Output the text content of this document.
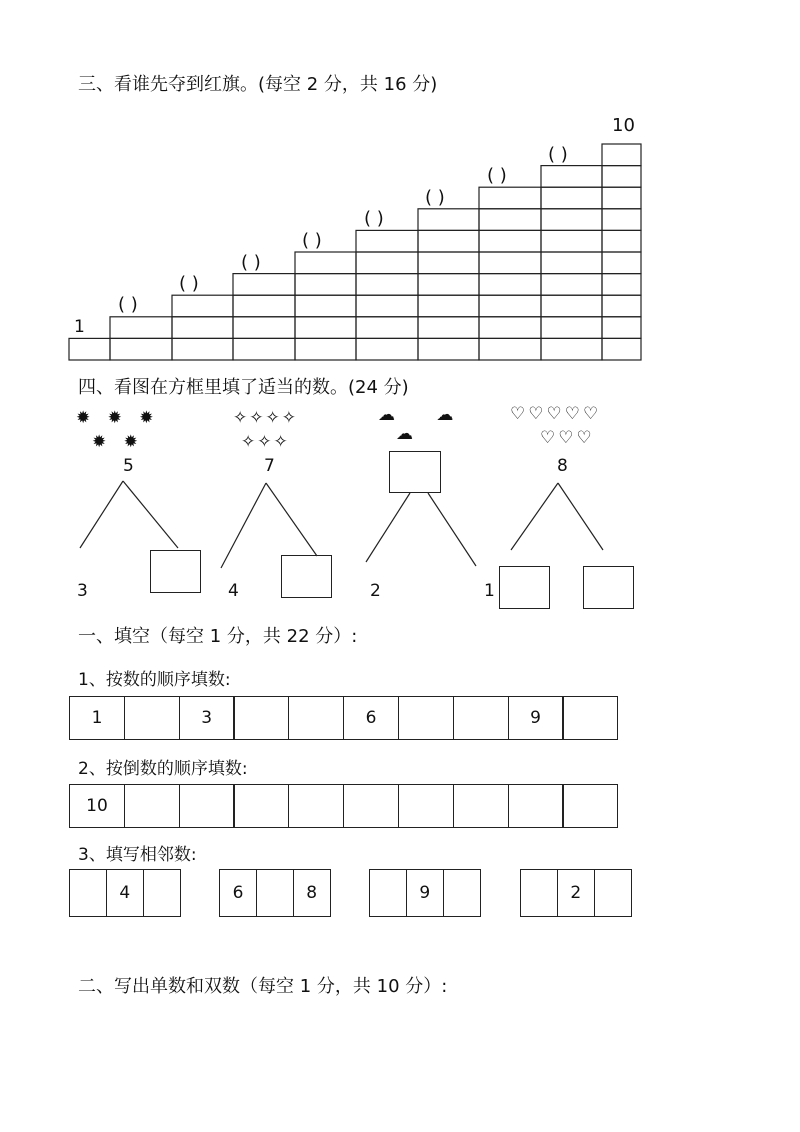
三、看谁先夺到红旗。(每空 2 分，共 16 分)
1
10
( )
( )
( )
( )
( )
( )
( )
( )
四、看图在方框里填了适当的数。(24 分)
✹ ✹ ✹
✹ ✹
✧✧✧✧
✧✧✧
☁ ☁
☁
♡♡♡♡♡
♡♡♡
5	7	8
3	4	2	1
一、填空（每空 1 分，共 22 分）:
1、按数的顺序填数:
1	3	6	9
2、按倒数的顺序填数:
10
3、填写相邻数:
4	6	8	9	2
二、写出单数和双数（每空 1 分，共 10 分）:
